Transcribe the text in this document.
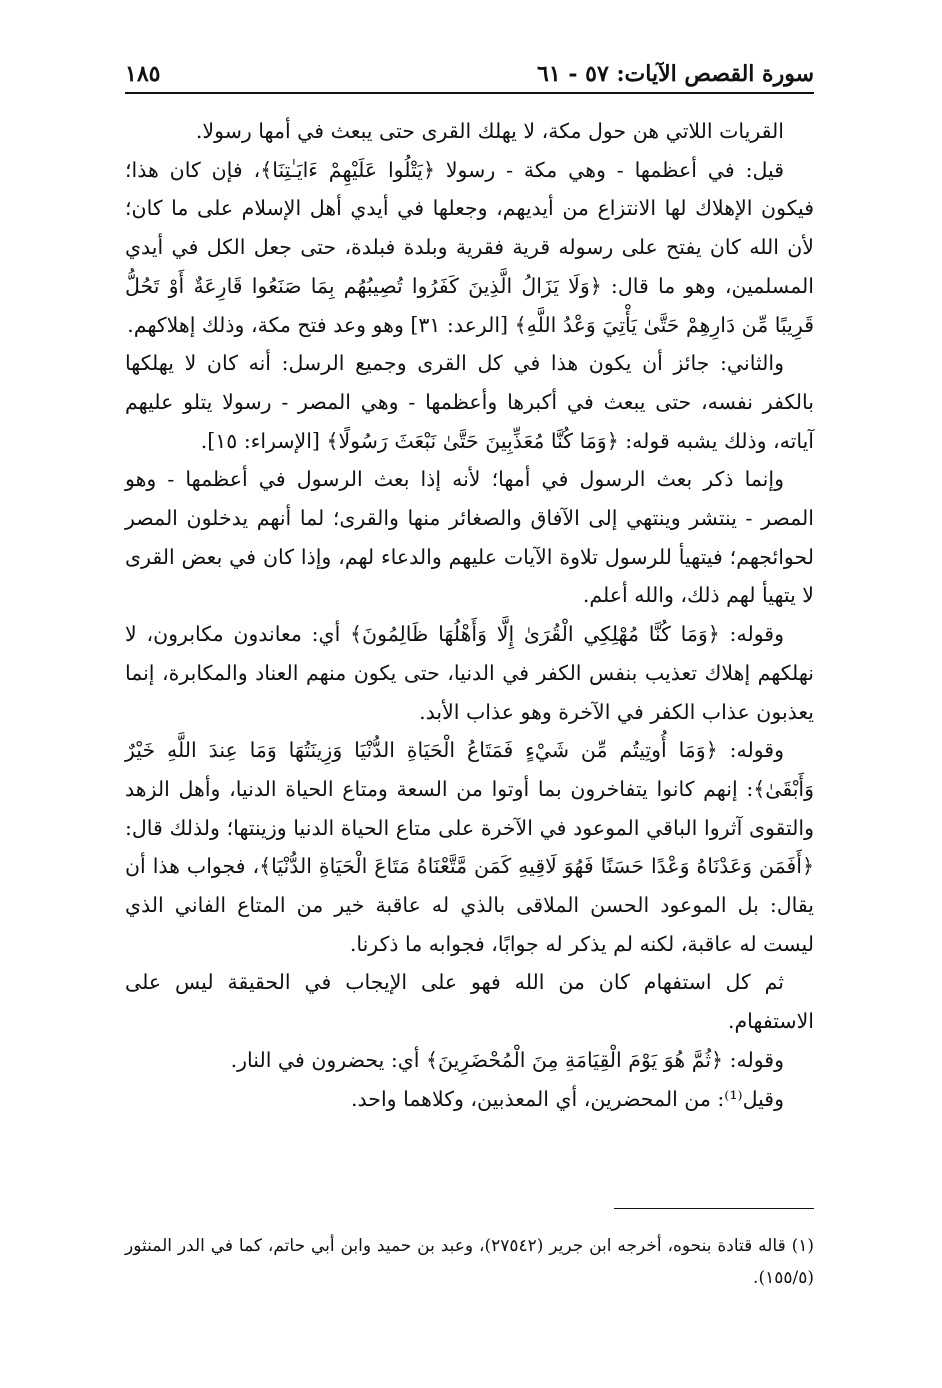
سورة القصص الآيات: ٥٧ - ٦١
١٨٥

القريات اللاتي هن حول مكة، لا يهلك القرى حتى يبعث في أمها رسولا.

قيل: في أعظمها - وهي مكة - رسولا ﴿يَتْلُوا عَلَيْهِمْ ءَايَـٰتِنَا﴾، فإن كان هذا؛ فيكون الإهلاك لها الانتزاع من أيديهم، وجعلها في أيدي أهل الإسلام على ما كان؛ لأن الله كان يفتح على رسوله قرية فقرية وبلدة فبلدة، حتى جعل الكل في أيدي المسلمين، وهو ما قال: ﴿وَلَا يَزَالُ الَّذِينَ كَفَرُوا تُصِيبُهُم بِمَا صَنَعُوا قَارِعَةٌ أَوْ تَحُلُّ قَرِيبًا مِّن دَارِهِمْ حَتَّىٰ يَأْتِيَ وَعْدُ اللَّهِ﴾ [الرعد: ٣١] وهو وعد فتح مكة، وذلك إهلاكهم.

والثاني: جائز أن يكون هذا في كل القرى وجميع الرسل: أنه كان لا يهلكها بالكفر نفسه، حتى يبعث في أكبرها وأعظمها - وهي المصر - رسولا يتلو عليهم آياته، وذلك يشبه قوله: ﴿وَمَا كُنَّا مُعَذِّبِينَ حَتَّىٰ نَبْعَثَ رَسُولًا﴾ [الإسراء: ١٥].

وإنما ذكر بعث الرسول في أمها؛ لأنه إذا بعث الرسول في أعظمها - وهو المصر - ينتشر وينتهي إلى الآفاق والصغائر منها والقرى؛ لما أنهم يدخلون المصر لحوائجهم؛ فيتهيأ للرسول تلاوة الآيات عليهم والدعاء لهم، وإذا كان في بعض القرى لا يتهيأ لهم ذلك، والله أعلم.

وقوله: ﴿وَمَا كُنَّا مُهْلِكِي الْقُرَىٰ إِلَّا وَأَهْلُهَا ظَالِمُونَ﴾ أي: معاندون مكابرون، لا نهلكهم إهلاك تعذيب بنفس الكفر في الدنيا، حتى يكون منهم العناد والمكابرة، إنما يعذبون عذاب الكفر في الآخرة وهو عذاب الأبد.

وقوله: ﴿وَمَا أُوتِيتُم مِّن شَيْءٍ فَمَتَاعُ الْحَيَاةِ الدُّنْيَا وَزِينَتُهَا وَمَا عِندَ اللَّهِ خَيْرٌ وَأَبْقَىٰ﴾: إنهم كانوا يتفاخرون بما أوتوا من السعة ومتاع الحياة الدنيا، وأهل الزهد والتقوى آثروا الباقي الموعود في الآخرة على متاع الحياة الدنيا وزينتها؛ ولذلك قال: ﴿أَفَمَن وَعَدْنَاهُ وَعْدًا حَسَنًا فَهُوَ لَاقِيهِ كَمَن مَّتَّعْنَاهُ مَتَاعَ الْحَيَاةِ الدُّنْيَا﴾، فجواب هذا أن يقال: بل الموعود الحسن الملاقى بالذي له عاقبة خير من المتاع الفاني الذي ليست له عاقبة، لكنه لم يذكر له جوابًا، فجوابه ما ذكرنا.

ثم كل استفهام كان من الله فهو على الإيجاب في الحقيقة ليس على الاستفهام.

وقوله: ﴿ثُمَّ هُوَ يَوْمَ الْقِيَامَةِ مِنَ الْمُحْضَرِينَ﴾ أي: يحضرون في النار.

وقيل⁽¹⁾: من المحضرين، أي المعذبين، وكلاهما واحد.

(١) قاله قتادة بنحوه، أخرجه ابن جرير (٢٧٥٤٢)، وعبد بن حميد وابن أبي حاتم، كما في الدر المنثور (١٥٥/٥).
